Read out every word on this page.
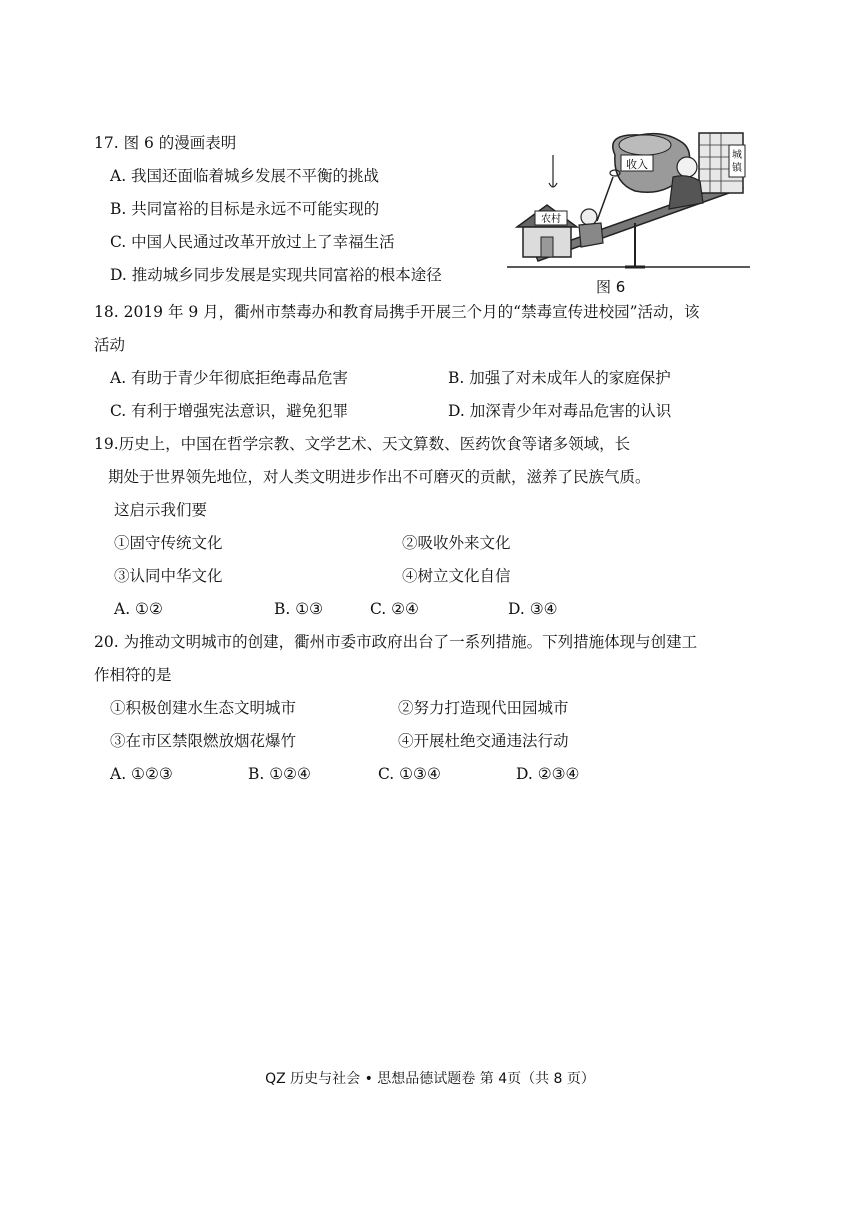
17. 图 6 的漫画表明
A. 我国还面临着城乡发展不平衡的挑战
B. 共同富裕的目标是永远不可能实现的
C. 中国人民通过改革开放过上了幸福生活
D. 推动城乡同步发展是实现共同富裕的根本途径
收入
城
镇
农村
图 6
18. 2019 年 9 月，衢州市禁毒办和教育局携手开展三个月的“禁毒宣传进校园”活动，该
活动
A. 有助于青少年彻底拒绝毒品危害	B. 加强了对未成年人的家庭保护
C. 有利于增强宪法意识，避免犯罪	D. 加深青少年对毒品危害的认识
19.历史上，中国在哲学宗教、文学艺术、天文算数、医药饮食等诸多领域，长
期处于世界领先地位，对人类文明进步作出不可磨灭的贡献，滋养了民族气质。
这启示我们要
①固守传统文化	②吸收外来文化
③认同中华文化	④树立文化自信
A. ①②	B. ①③	C. ②④	D. ③④
20. 为推动文明城市的创建，衢州市委市政府出台了一系列措施。下列措施体现与创建工
作相符的是
①积极创建水生态文明城市	②努力打造现代田园城市
③在市区禁限燃放烟花爆竹	④开展杜绝交通违法行动
A. ①②③	B. ①②④	C. ①③④	D. ②③④
QZ 历史与社会 • 思想品德试题卷 第 4页（共 8 页）
